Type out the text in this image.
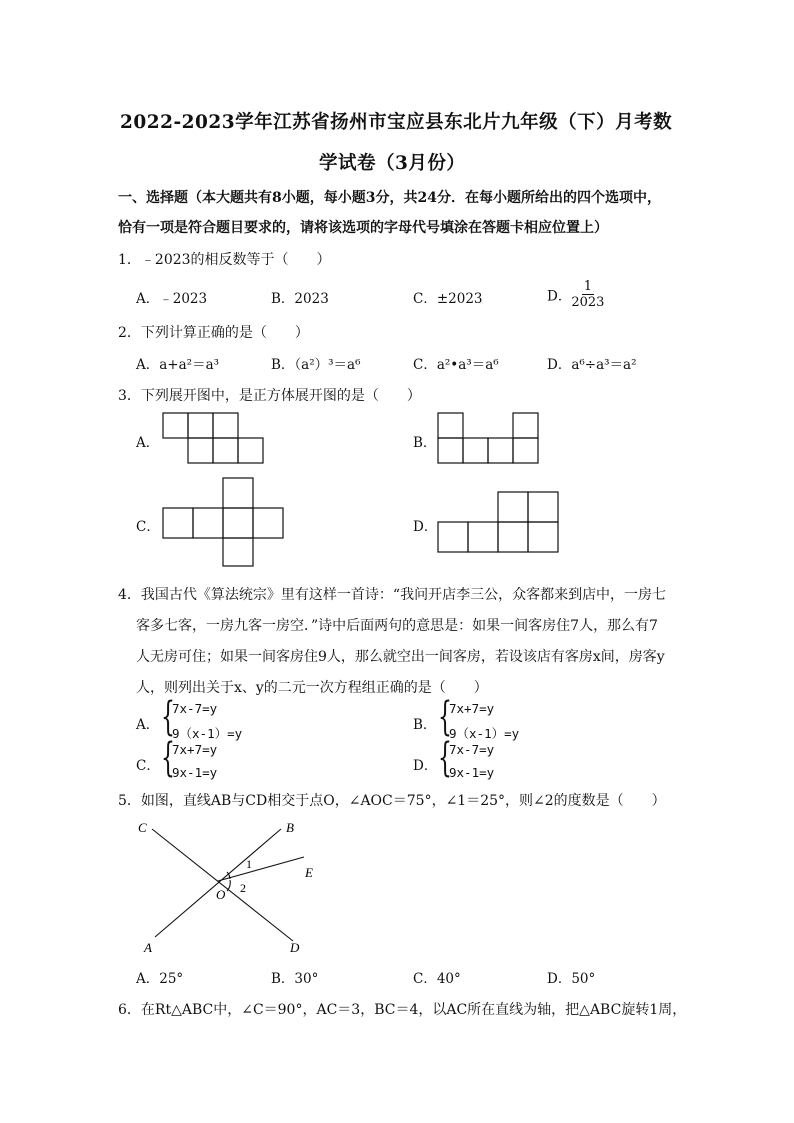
2022-2023学年江苏省扬州市宝应县东北片九年级（下）月考数
学试卷（3月份）
一、选择题（本大题共有8小题，每小题3分，共24分．在每小题所给出的四个选项中，
恰有一项是符合题目要求的，请将该选项的字母代号填涂在答题卡相应位置上）
1．﹣2023的相反数等于（　　）
A．﹣2023	B．2023	C．±2023	D． $\frac{1}{2023}$
2．下列计算正确的是（　　）
A．a+a²＝a³	B．（a²）³＝a⁶	C．a²•a³＝a⁶	D．a⁶÷a³＝a²
3．下列展开图中，是正方体展开图的是（　　）
A．	B．
C．	D．
4．我国古代《算法统宗》里有这样一首诗：“我问开店李三公，众客都来到店中，一房七
客多七客，一房九客一房空．”诗中后面两句的意思是：如果一间客房住7人，那么有7
人无房可住；如果一间客房住9人，那么就空出一间客房，若设该店有客房x间，房客y
人，则列出关于x、y的二元一次方程组正确的是（　　）
A． {
7x-7=y
9（x-1）=y
B． {
7x+7=y
9（x-1）=y
C． {
7x+7=y
9x-1=y	D． {
7x-7=y
9x-1=y
5．如图，直线AB与CD相交于点O，∠AOC＝75°，∠1＝25°，则∠2的度数是（　　）
C	B
E
O
A	D
1
2
A．25°	B．30°	C．40°	D．50°
6．在Rt△ABC中，∠C＝90°，AC＝3，BC＝4，以AC所在直线为轴，把△ABC旋转1周，
